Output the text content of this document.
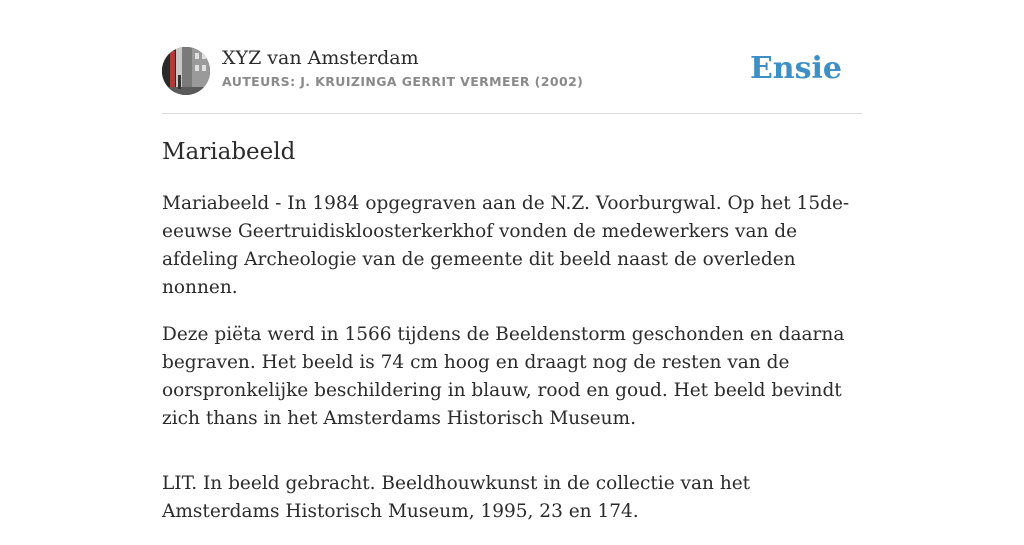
XYZ van Amsterdam
AUTEURS: J. KRUIZINGA GERRIT VERMEER (2002)	Ensie
Mariabeeld

Mariabeeld - In 1984 opgegraven aan de N.Z. Voorburgwal. Op het 15de-eeuwse Geertruidiskloosterkerkhof vonden de medewerkers van de afdeling Archeologie van de gemeente dit beeld naast de overleden nonnen.

Deze piëta werd in 1566 tijdens de Beeldenstorm geschonden en daarna begraven. Het beeld is 74 cm hoog en draagt nog de resten van de oorspronkelijke beschildering in blauw, rood en goud. Het beeld bevindt zich thans in het Amsterdams Historisch Museum.

LIT. In beeld gebracht. Beeldhouwkunst in de collectie van het Amsterdams Historisch Museum, 1995, 23 en 174.
